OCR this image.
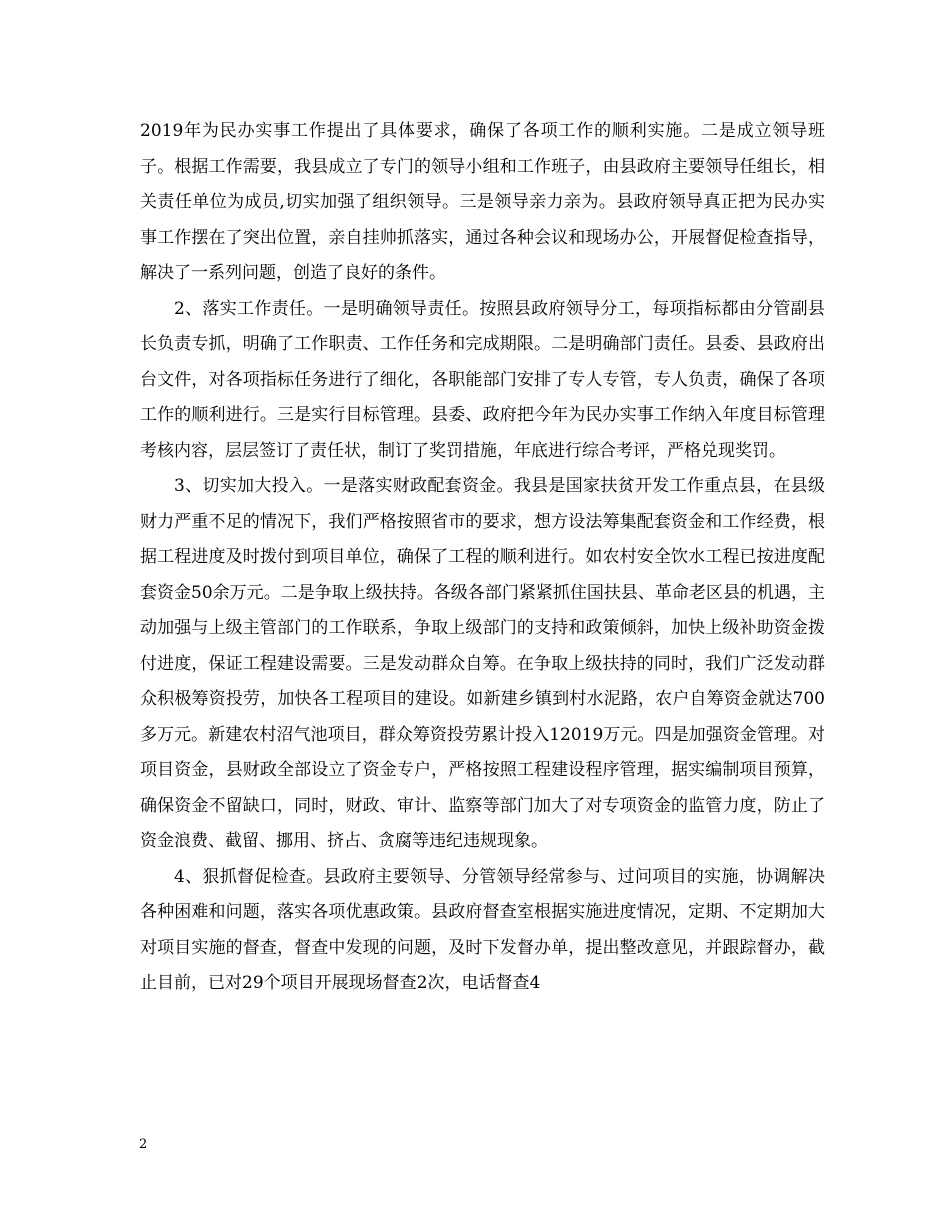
2019年为民办实事工作提出了具体要求，确保了各项工作的顺利实施。二是成立领导班子。根据工作需要，我县成立了专门的领导小组和工作班子，由县政府主要领导任组长，相关责任单位为成员,切实加强了组织领导。三是领导亲力亲为。县政府领导真正把为民办实事工作摆在了突出位置，亲自挂帅抓落实，通过各种会议和现场办公，开展督促检查指导，解决了一系列问题，创造了良好的条件。

2、落实工作责任。一是明确领导责任。按照县政府领导分工，每项指标都由分管副县长负责专抓，明确了工作职责、工作任务和完成期限。二是明确部门责任。县委、县政府出台文件，对各项指标任务进行了细化，各职能部门安排了专人专管，专人负责，确保了各项工作的顺利进行。三是实行目标管理。县委、政府把今年为民办实事工作纳入年度目标管理考核内容，层层签订了责任状，制订了奖罚措施，年底进行综合考评，严格兑现奖罚。

3、切实加大投入。一是落实财政配套资金。我县是国家扶贫开发工作重点县，在县级财力严重不足的情况下，我们严格按照省市的要求，想方设法筹集配套资金和工作经费，根据工程进度及时拨付到项目单位，确保了工程的顺利进行。如农村安全饮水工程已按进度配套资金50余万元。二是争取上级扶持。各级各部门紧紧抓住国扶县、革命老区县的机遇，主动加强与上级主管部门的工作联系，争取上级部门的支持和政策倾斜，加快上级补助资金拨付进度，保证工程建设需要。三是发动群众自筹。在争取上级扶持的同时，我们广泛发动群众积极筹资投劳，加快各工程项目的建设。如新建乡镇到村水泥路，农户自筹资金就达700多万元。新建农村沼气池项目，群众筹资投劳累计投入12019万元。四是加强资金管理。对项目资金，县财政全部设立了资金专户，严格按照工程建设程序管理，据实编制项目预算，确保资金不留缺口，同时，财政、审计、监察等部门加大了对专项资金的监管力度，防止了资金浪费、截留、挪用、挤占、贪腐等违纪违规现象。

4、狠抓督促检查。县政府主要领导、分管领导经常参与、过问项目的实施，协调解决各种困难和问题，落实各项优惠政策。县政府督查室根据实施进度情况，定期、不定期加大对项目实施的督查，督查中发现的问题，及时下发督办单，提出整改意见，并跟踪督办，截止目前，已对29个项目开展现场督查2次，电话督查4

2
